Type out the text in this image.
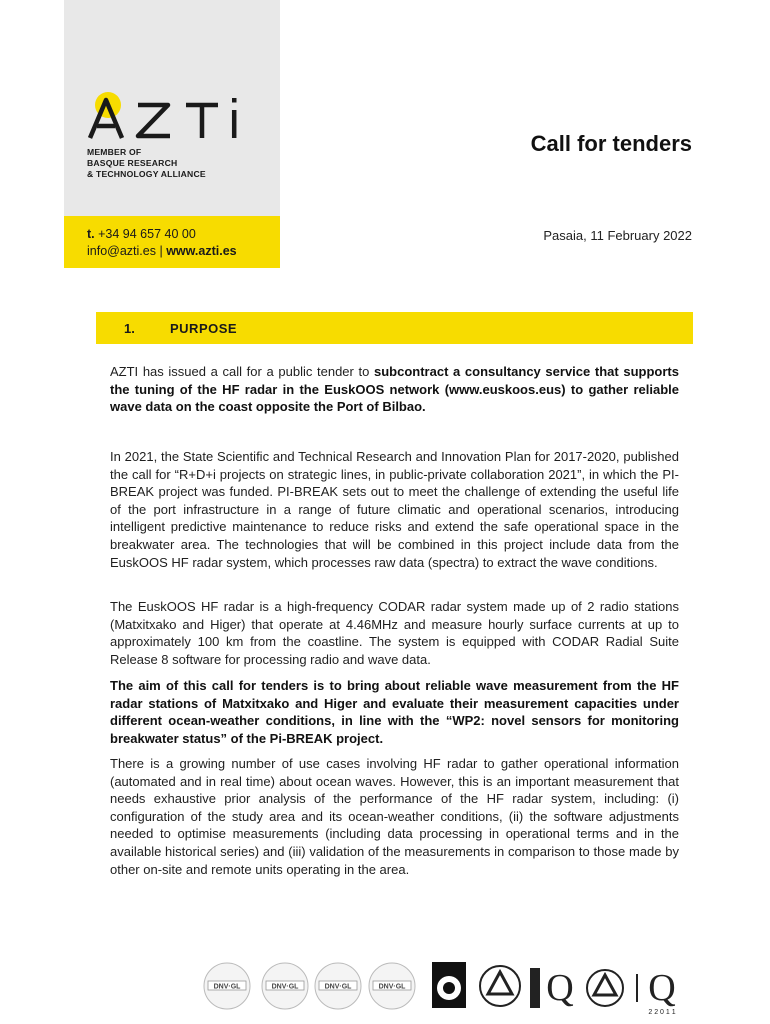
MEMBER OF
BASQUE RESEARCH
& TECHNOLOGY ALLIANCE
t. +34 94 657 40 00
info@azti.es | www.azti.es
Call for tenders
Pasaia, 11 February 2022
1.	PURPOSE

AZTI has issued a call for a public tender to subcontract a consultancy service that supports the tuning of the HF radar in the EuskOOS network (www.euskoos.eus) to gather reliable wave data on the coast opposite the Port of Bilbao.

In 2021, the State Scientific and Technical Research and Innovation Plan for 2017-2020, published the call for “R+D+i projects on strategic lines, in public-private collaboration 2021”, in which the PI-BREAK project was funded. PI-BREAK sets out to meet the challenge of extending the useful life of the port infrastructure in a range of future climatic and operational scenarios, introducing intelligent predictive maintenance to reduce risks and extend the safe operational space in the breakwater area. The technologies that will be combined in this project include data from the EuskOOS HF radar system, which processes raw data (spectra) to extract the wave conditions.

The EuskOOS HF radar is a high-frequency CODAR radar system made up of 2 radio stations (Matxitxako and Higer) that operate at 4.46MHz and measure hourly surface currents at up to approximately 100 km from the coastline. The system is equipped with CODAR Radial Suite Release 8 software for processing radio and wave data.

The aim of this call for tenders is to bring about reliable wave measurement from the HF radar stations of Matxitxako and Higer and evaluate their measurement capacities under different ocean-weather conditions, in line with the “WP2: novel sensors for monitoring breakwater status” of the Pi-BREAK project.

There is a growing number of use cases involving HF radar to gather operational information (automated and in real time) about ocean waves. However, this is an important measurement that needs exhaustive prior analysis of the performance of the HF radar system, including: (i) configuration of the study area and its ocean-weather conditions, (ii) the software adjustments needed to optimise measurements (including data processing in operational terms and in the available historical series) and (iii) validation of the measurements in comparison to those made by other on-site and remote units operating in the area.

DNV·GL	DNV·GL	DNV·GL	DNV·GL	Q Q
2 2 0 1 1
